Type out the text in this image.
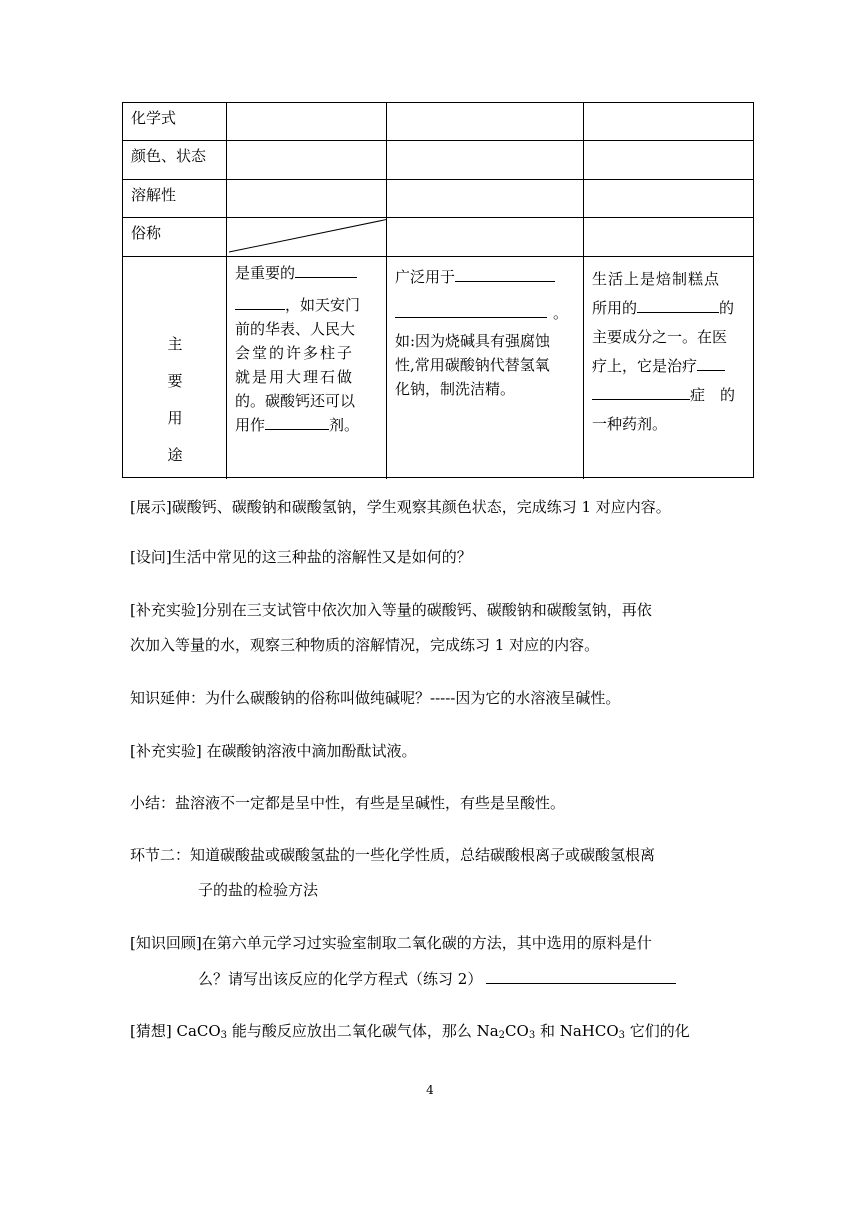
化学式
颜色、状态
溶解性
俗称
主
要
用
途
是重要的
，如天安门
前的华表、人民大
会堂的许多柱子
就是用大理石做
的。碳酸钙还可以
用作	剂。
广泛用于
。
如:因为烧碱具有强腐蚀
性,常用碳酸钠代替氢氧
化钠，制洗洁精。
生活上是焙制糕点
所用的	的
主要成分之一。在医
疗上，它是治疗
症　的
一种药剂。
[展示]碳酸钙、碳酸钠和碳酸氢钠，学生观察其颜色状态，完成练习 1 对应内容。
[设问]生活中常见的这三种盐的溶解性又是如何的？
[补充实验]分别在三支试管中依次加入等量的碳酸钙、碳酸钠和碳酸氢钠，再依
次加入等量的水，观察三种物质的溶解情况，完成练习 1 对应的内容。
知识延伸：为什么碳酸钠的俗称叫做纯碱呢？-----因为它的水溶液呈碱性。
[补充实验] 在碳酸钠溶液中滴加酚酞试液。
小结：盐溶液不一定都是呈中性，有些是呈碱性，有些是呈酸性。
环节二：知道碳酸盐或碳酸氢盐的一些化学性质，总结碳酸根离子或碳酸氢根离
子的盐的检验方法
[知识回顾]在第六单元学习过实验室制取二氧化碳的方法，其中选用的原料是什
么？请写出该反应的化学方程式（练习 2）
[猜想] CaCO$_3$ 能与酸反应放出二氧化碳气体，那么 $Na_2CO_3$ 和 NaHCO$_3$ 它们的化
4
